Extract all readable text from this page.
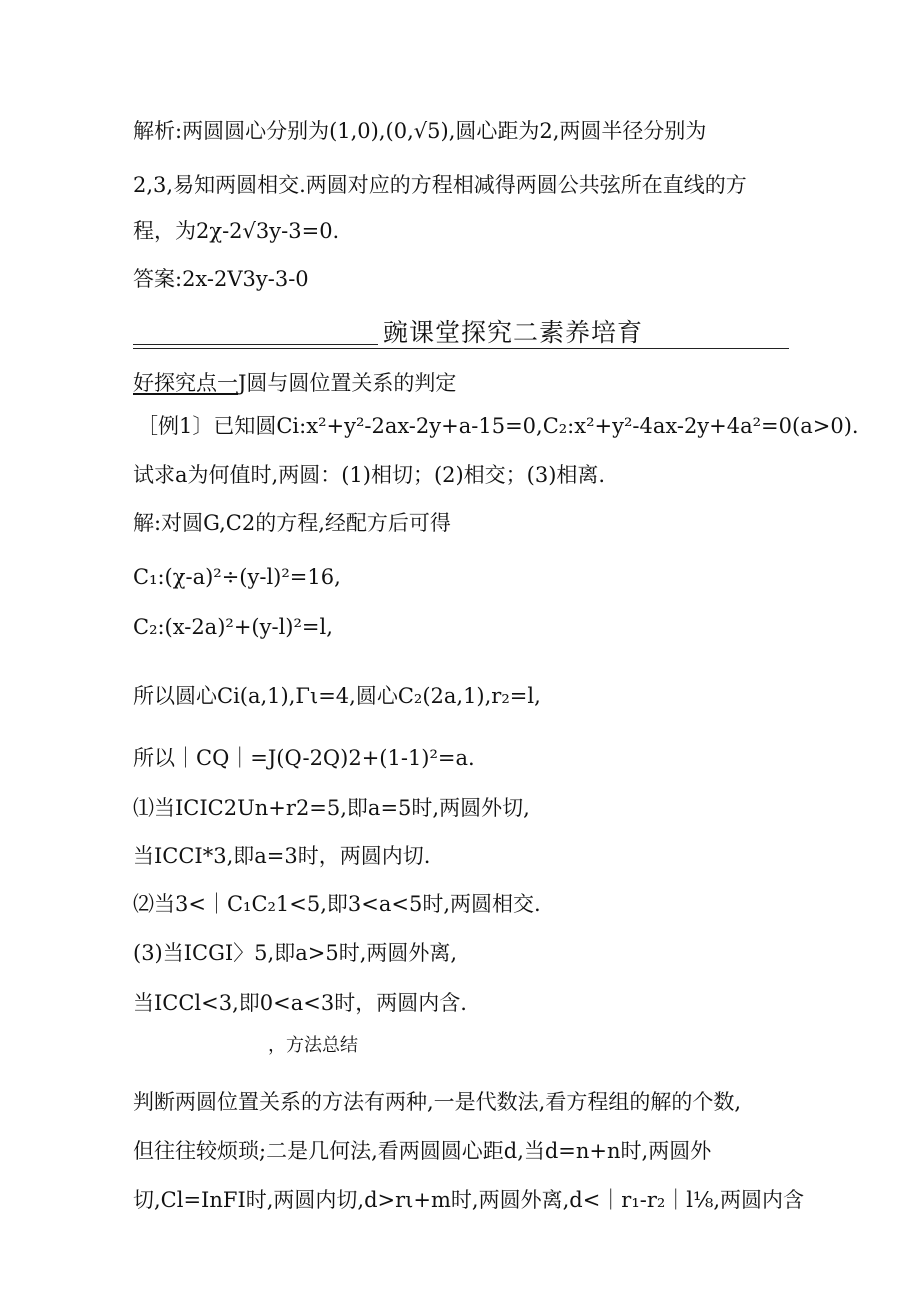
解析:两圆圆心分别为(1,0),(0,√5),圆心距为2,两圆半径分别为
2,3,易知两圆相交.两圆对应的方程相减得两圆公共弦所在直线的方
程，为2χ-2√3y-3=0.
答案:2x-2V3y-3-0
豌课堂探究二素养培育
好探究点一J圆与圆位置关系的判定
［例1〕已知圆Ci:x²+y²-2ax-2y+a-15=0,C₂:x²+y²-4ax-2y+4a²=0(a>0).
试求a为何值时,两圆：(1)相切；(2)相交；(3)相离.
解:对圆G,C2的方程,经配方后可得
C₁:(χ-a)²÷(y-l)²=16,
C₂:(x-2a)²+(y-l)²=l,
所以圆心Ci(a,1),Γι=4,圆心C₂(2a,1),r₂=l,
所以｜CQ｜=J(Q-2Q)2+(1-1)²=a.
⑴当ICIC2Un+r2=5,即a=5时,两圆外切,
当ICCI*3,即a=3时，两圆内切.
⑵当3<｜C₁C₂1<5,即3<a<5时,两圆相交.
(3)当ICGI〉5,即a>5时,两圆外离,
当ICCl<3,即0<a<3时，两圆内含.
，方法总结
判断两圆位置关系的方法有两种,一是代数法,看方程组的解的个数,
但往往较烦琐;二是几何法,看两圆圆心距d,当d=n+n时,两圆外
切,Cl=InFI时,两圆内切,d>rι+m时,两圆外离,d<｜r₁-r₂｜l⅛,两圆内含
